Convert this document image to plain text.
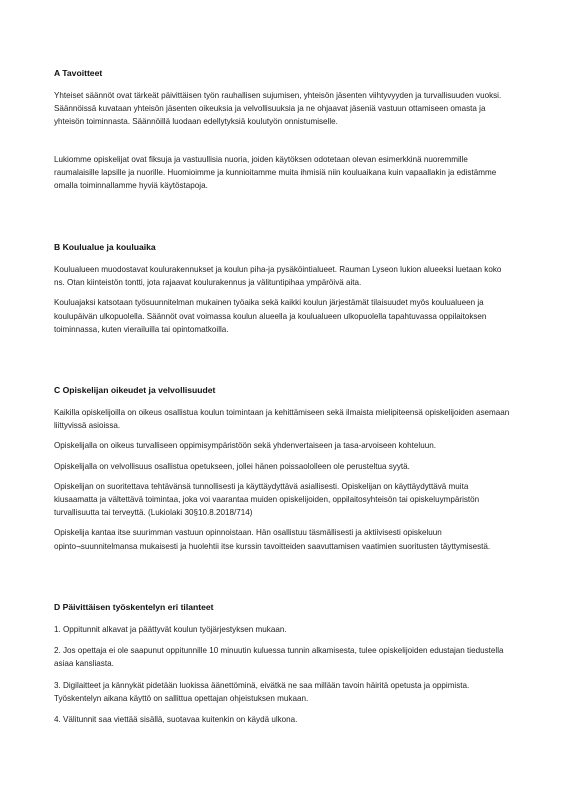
A Tavoitteet

Yhteiset säännöt ovat tärkeät päivittäisen työn rauhallisen sujumisen, yhteisön jäsenten viihtyvyyden ja turvallisuuden vuoksi. Säännöissä kuvataan yhteisön jäsenten oikeuksia ja velvollisuuksia ja ne ohjaavat jäseniä vastuun ottamiseen omasta ja yhteisön toiminnasta. Säännöillä luodaan edellytyksiä koulutyön onnistumiselle.

Lukiomme opiskelijat ovat fiksuja ja vastuullisia nuoria, joiden käytöksen odotetaan olevan esimerkkinä nuoremmille raumalaisille lapsille ja nuorille. Huomioimme ja kunnioitamme muita ihmisiä niin kouluaikana kuin vapaallakin ja edistämme omalla toiminnallamme hyviä käytöstapoja.

B Koulualue ja kouluaika

Koulualueen muodostavat koulurakennukset ja koulun piha-ja pysäköintialueet. Rauman Lyseon lukion alueeksi luetaan koko ns. Otan kiinteistön tontti, jota rajaavat koulurakennus ja välituntipihaa ympäröivä aita.

Kouluajaksi katsotaan työsuunnitelman mukainen työaika sekä kaikki koulun järjestämät tilaisuudet myös koulualueen ja koulupäivän ulkopuolella. Säännöt ovat voimassa koulun alueella ja koulualueen ulkopuolella tapahtuvassa oppilaitoksen toiminnassa, kuten vierailuilla tai opintomatkoilla.

C Opiskelijan oikeudet ja velvollisuudet

Kaikilla opiskelijoilla on oikeus osallistua koulun toimintaan ja kehittämiseen sekä ilmaista mielipiteensä opiskelijoiden asemaan liittyvissä asioissa.

Opiskelijalla on oikeus turvalliseen oppimisympäristöön sekä yhdenvertaiseen ja tasa-arvoiseen kohteluun.

Opiskelijalla on velvollisuus osallistua opetukseen, jollei hänen poissaololleen ole perusteltua syytä.

Opiskelijan on suoritettava tehtävänsä tunnollisesti ja käyttäydyttävä asiallisesti. Opiskelijan on käyttäydyttävä muita kiusaamatta ja vältettävä toimintaa, joka voi vaarantaa muiden opiskelijoiden, oppilaitosyhteisön tai opiskeluympäristön turvallisuutta tai terveyttä. (Lukiolaki 30§10.8.2018/714)

Opiskelija kantaa itse suurimman vastuun opinnoistaan. Hän osallistuu täsmällisesti ja aktiivisesti opiskeluun opinto¬suunnitelmansa mukaisesti ja huolehtii itse kurssin tavoitteiden saavuttamisen vaatimien suoritusten täyttymisestä.

D Päivittäisen työskentelyn eri tilanteet

1. Oppitunnit alkavat ja päättyvät koulun työjärjestyksen mukaan.

2. Jos opettaja ei ole saapunut oppitunnille 10 minuutin kuluessa tunnin alkamisesta, tulee opiskelijoiden edustajan tiedustella asiaa kansliasta.

3. Digilaitteet ja kännykät pidetään luokissa äänettöminä, eivätkä ne saa millään tavoin häiritä opetusta ja oppimista. Työskentelyn aikana käyttö on sallittua opettajan ohjeistuksen mukaan.

4. Välitunnit saa viettää sisällä, suotavaa kuitenkin on käydä ulkona.
